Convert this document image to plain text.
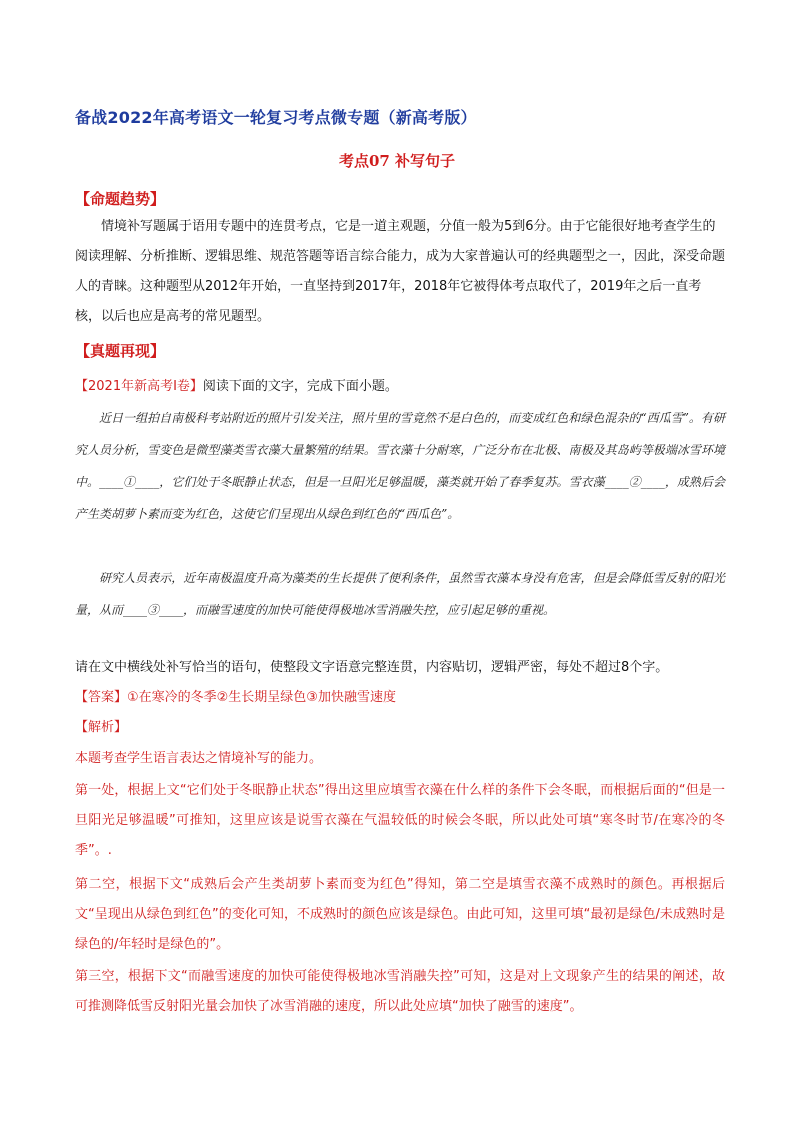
备战2022年高考语文一轮复习考点微专题（新高考版）
考点07 补写句子
【命题趋势】
情境补写题属于语用专题中的连贯考点，它是一道主观题，分值一般为5到6分。由于它能很好地考查学生的阅读理解、分析推断、逻辑思维、规范答题等语言综合能力，成为大家普遍认可的经典题型之一，因此，深受命题人的青睐。这种题型从2012年开始，一直坚持到2017年，2018年它被得体考点取代了，2019年之后一直考核，以后也应是高考的常见题型。
【真题再现】
【2021年新高考Ⅰ卷】阅读下面的文字，完成下面小题。
近日一组拍自南极科考站附近的照片引发关注，照片里的雪竟然不是白色的，而变成红色和绿色混杂的“西瓜雪”。有研究人员分析，雪变色是微型藻类雪衣藻大量繁殖的结果。雪衣藻十分耐寒，广泛分布在北极、南极及其岛屿等极端冰雪环境中。____①____，它们处于冬眠静止状态，但是一旦阳光足够温暖，藻类就开始了春季复苏。雪衣藻____②____，成熟后会产生类胡萝卜素而变为红色，这使它们呈现出从绿色到红色的“西瓜色”。
研究人员表示，近年南极温度升高为藻类的生长提供了便利条件，虽然雪衣藻本身没有危害，但是会降低雪反射的阳光量，从而____③____，而融雪速度的加快可能使得极地冰雪消融失控，应引起足够的重视。
请在文中横线处补写恰当的语句，使整段文字语意完整连贯，内容贴切，逻辑严密，每处不超过8个字。
【答案】①在寒冷的冬季②生长期呈绿色③加快融雪速度
【解析】
本题考查学生语言表达之情境补写的能力。
第一处，根据上文“它们处于冬眠静止状态”得出这里应填雪衣藻在什么样的条件下会冬眠，而根据后面的“但是一旦阳光足够温暖”可推知，这里应该是说雪衣藻在气温较低的时候会冬眠，所以此处可填“寒冬时节/在寒冷的冬季”。.
第二空，根据下文“成熟后会产生类胡萝卜素而变为红色”得知，第二空是填雪衣藻不成熟时的颜色。再根据后文“呈现出从绿色到红色”的变化可知，不成熟时的颜色应该是绿色。由此可知，这里可填“最初是绿色/未成熟时是绿色的/年轻时是绿色的”。
第三空，根据下文“而融雪速度的加快可能使得极地冰雪消融失控”可知，这是对上文现象产生的结果的阐述，故可推测降低雪反射阳光量会加快了冰雪消融的速度，所以此处应填“加快了融雪的速度”。
